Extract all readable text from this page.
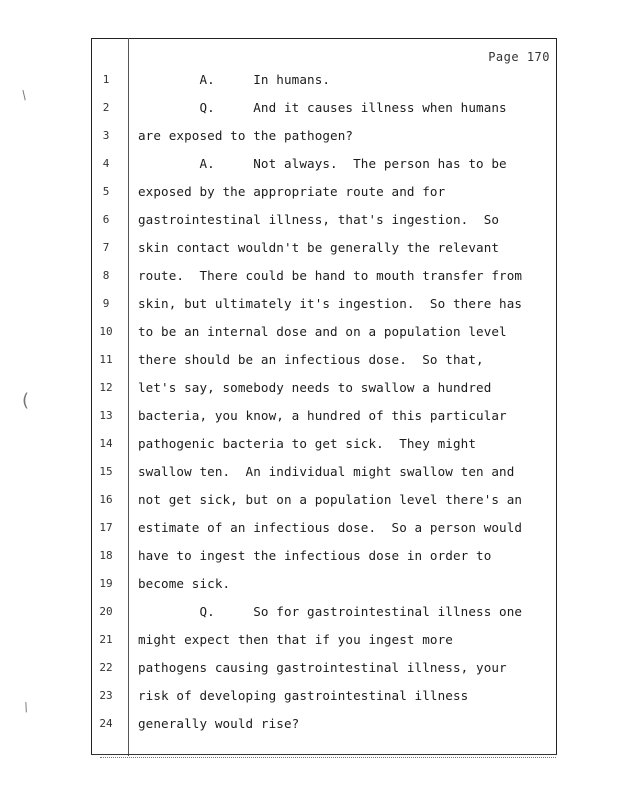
Page 170
/
(
/
1	A.     In humans.
2	Q.     And it causes illness when humans
3	are exposed to the pathogen?
4	A.     Not always.  The person has to be
5	exposed by the appropriate route and for
6	gastrointestinal illness, that's ingestion.  So
7	skin contact wouldn't be generally the relevant
8	route.  There could be hand to mouth transfer from
9	skin, but ultimately it's ingestion.  So there has
10	to be an internal dose and on a population level
11	there should be an infectious dose.  So that,
12	let's say, somebody needs to swallow a hundred
13	bacteria, you know, a hundred of this particular
14	pathogenic bacteria to get sick.  They might
15	swallow ten.  An individual might swallow ten and
16	not get sick, but on a population level there's an
17	estimate of an infectious dose.  So a person would
18	have to ingest the infectious dose in order to
19	become sick.
20	Q.     So for gastrointestinal illness one
21	might expect then that if you ingest more
22	pathogens causing gastrointestinal illness, your
23	risk of developing gastrointestinal illness
24	generally would rise?
